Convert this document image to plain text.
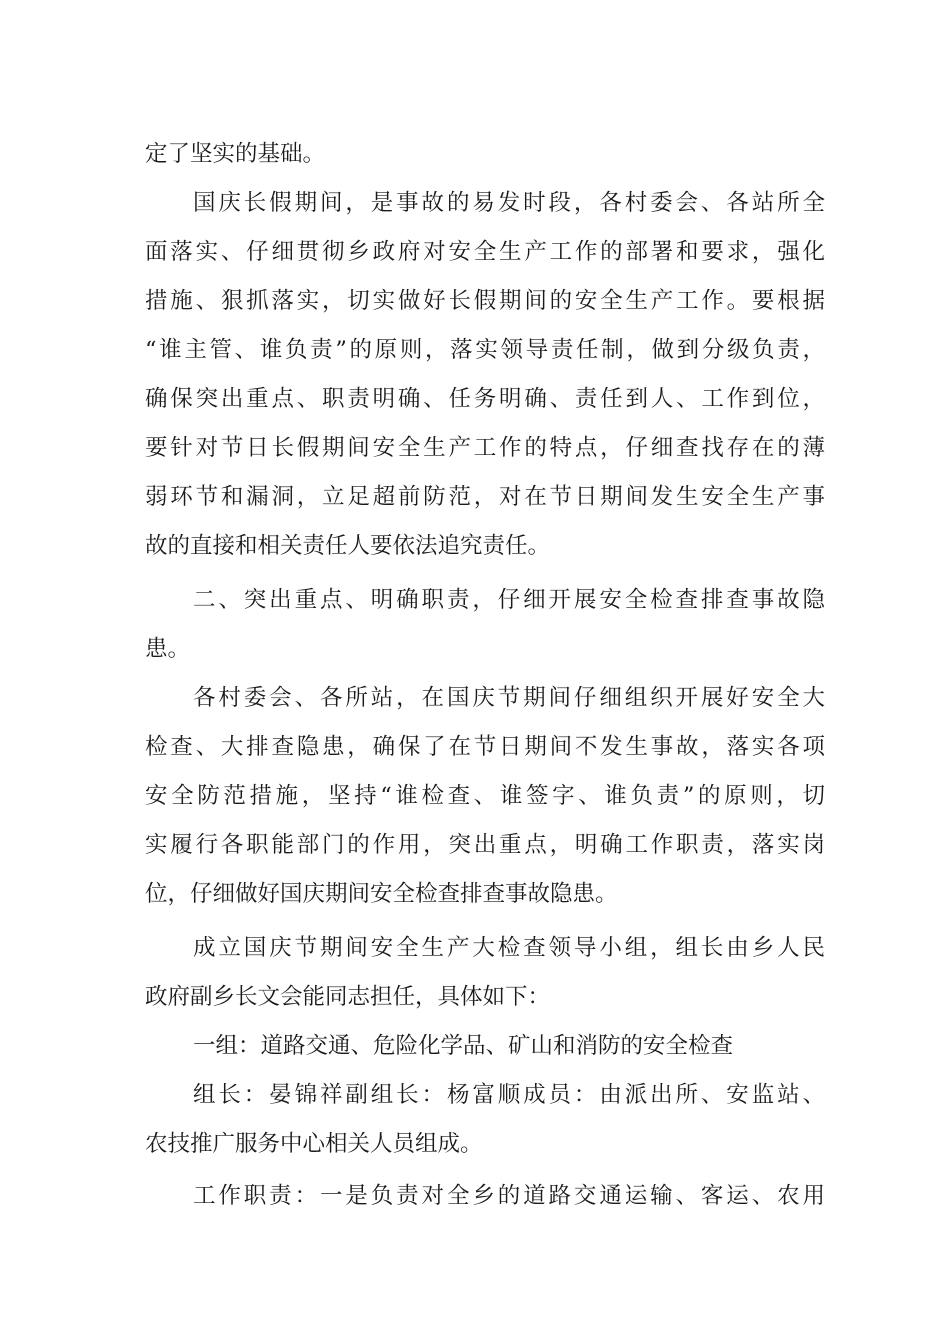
定了坚实的基础。
国庆长假期间，是事故的易发时段，各村委会、各站所全
面落实、仔细贯彻乡政府对安全生产工作的部署和要求，强化
措施、狠抓落实，切实做好长假期间的安全生产工作。要根据
“谁主管、谁负责”的原则，落实领导责任制，做到分级负责，
确保突出重点、职责明确、任务明确、责任到人、工作到位，
要针对节日长假期间安全生产工作的特点，仔细查找存在的薄
弱环节和漏洞，立足超前防范，对在节日期间发生安全生产事
故的直接和相关责任人要依法追究责任。
二、突出重点、明确职责，仔细开展安全检查排查事故隐
患。
各村委会、各所站，在国庆节期间仔细组织开展好安全大
检查、大排查隐患，确保了在节日期间不发生事故，落实各项
安全防范措施，坚持“谁检查、谁签字、谁负责”的原则，切
实履行各职能部门的作用，突出重点，明确工作职责，落实岗
位，仔细做好国庆期间安全检查排查事故隐患。
成立国庆节期间安全生产大检查领导小组，组长由乡人民
政府副乡长文会能同志担任，具体如下：
一组：道路交通、危险化学品、矿山和消防的安全检查
组长：晏锦祥副组长：杨富顺成员：由派出所、安监站、
农技推广服务中心相关人员组成。
工作职责：一是负责对全乡的道路交通运输、客运、农用
